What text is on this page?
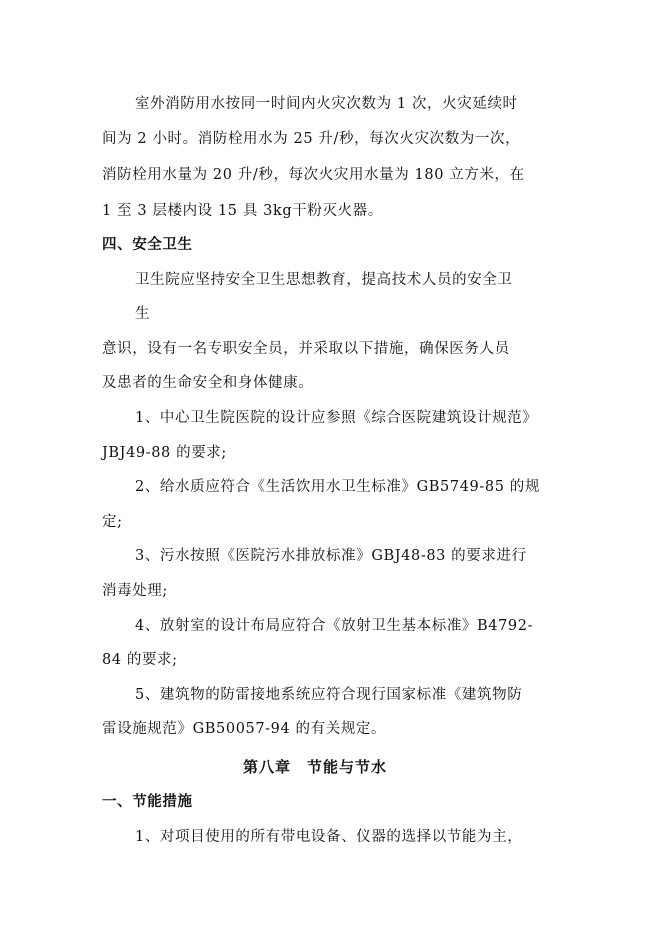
室外消防用水按同一时间内火灾次数为 1 次，火灾延续时
间为 2 小时。消防栓用水为 25 升/秒，每次火灾次数为一次，
消防栓用水量为 20 升/秒，每次火灾用水量为 180 立方米，在
1 至 3 层楼内设 15 具 3kg干粉灭火器。
四、安全卫生
卫生院应坚持安全卫生思想教育，提高技术人员的安全卫
生
意识，设有一名专职安全员，并采取以下措施，确保医务人员
及患者的生命安全和身体健康。
1、中心卫生院医院的设计应参照《综合医院建筑设计规范》
JBJ49-88 的要求;
2、给水质应符合《生活饮用水卫生标准》GB5749-85 的规
定;
3、污水按照《医院污水排放标准》GBJ48-83 的要求进行
消毒处理;
4、放射室的设计布局应符合《放射卫生基本标准》B4792-
84 的要求;
5、建筑物的防雷接地系统应符合现行国家标准《建筑物防
雷设施规范》GB50057-94 的有关规定。
第八章　节能与节水
一、节能措施
1、对项目使用的所有带电设备、仪器的选择以节能为主，
